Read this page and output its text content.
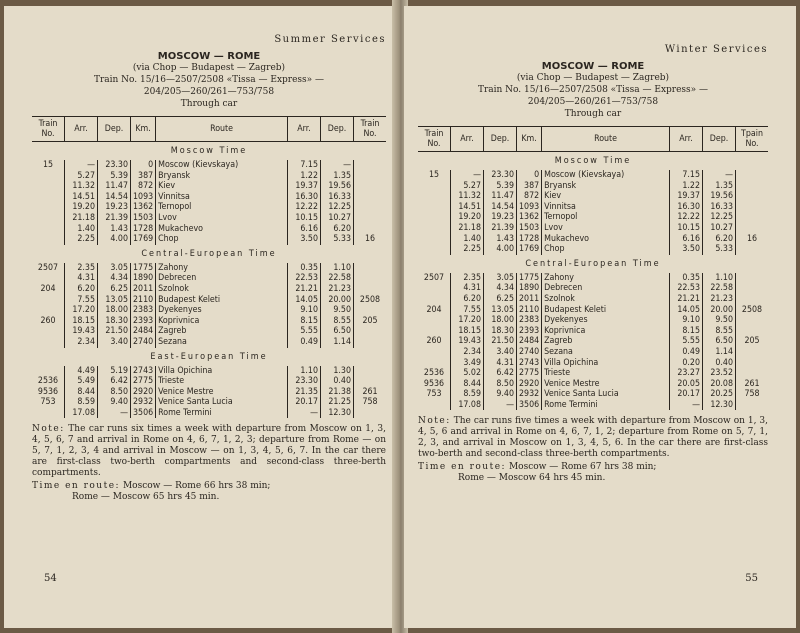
Summer Services
MOSCOW — ROME
(via Chop — Budapest — Zagreb)
Train No. 15/16—2507/2508 «Tissa — Express» —
204/205—260/261—753/758
Through car
Train No.	Arr.	Dep.	Km.	Route	Arr.	Dep.	Train No.
Moscow Time							
15	—	23.30	0	Moscow (Kievskaya)	7.15	—	
	5.27	5.39	387	Bryansk	1.22	1.35	
	11.32	11.47	872	Kiev	19.37	19.56	
	14.51	14.54	1093	Vinnitsa	16.30	16.33	
	19.20	19.23	1362	Ternopol	12.22	12.25	
	21.18	21.39	1503	Lvov	10.15	10.27	
	1.40	1.43	1728	Mukachevo	6.16	6.20	
	2.25	4.00	1769	Chop	3.50	5.33	16
Central-European Time							
2507	2.35	3.05	1775	Zahony	0.35	1.10	
	4.31	4.34	1890	Debrecen	22.53	22.58	
204	6.20	6.25	2011	Szolnok	21.21	21.23	
	7.55	13.05	2110	Budapest Keleti	14.05	20.00	2508
	17.20	18.00	2383	Dyekenyes	9.10	9.50	
260	18.15	18.30	2393	Koprivnica	8.15	8.55	205
	19.43	21.50	2484	Zagreb	5.55	6.50	
	2.34	3.40	2740	Sezana	0.49	1.14	
East-European Time							
	4.49	5.19	2743	Villa Opichina	1.10	1.30	
2536	5.49	6.42	2775	Trieste	23.30	0.40	
9536	8.44	8.50	2920	Venice Mestre	21.35	21.38	261
753	8.59	9.40	2932	Venice Santa Lucia	20.17	21.25	758
	17.08	—	3506	Rome Termini	—	12.30	
Note: The car runs six times a week with departure from Moscow on 1, 3, 4, 5, 6, 7 and arrival in Rome on 4, 6, 7, 1, 2, 3; departure from Rome — on 5, 7, 1, 2, 3, 4 and arrival in Moscow — on 1, 3, 4, 5, 6, 7. In the car there are first-class two-berth compartments and second-class three-berth compartments.
Time en route: Moscow — Rome 66 hrs 38 min;
Rome — Moscow 65 hrs 45 min.
54
Winter Services
MOSCOW — ROME
(via Chop — Budapest — Zagreb)
Train No. 15/16—2507/2508 «Tissa — Express» —
204/205—260/261—753/758
Through car
Train No.	Arr.	Dep.	Km.	Route	Arr.	Dep.	Tpain No.
Moscow Time							
15	—	23.30	0	Moscow (Kievskaya)	7.15	—	
	5.27	5.39	387	Bryansk	1.22	1.35	
	11.32	11.47	872	Kiev	19.37	19.56	
	14.51	14.54	1093	Vinnitsa	16.30	16.33	
	19.20	19.23	1362	Ternopol	12.22	12.25	
	21.18	21.39	1503	Lvov	10.15	10.27	
	1.40	1.43	1728	Mukachevo	6.16	6.20	16
	2.25	4.00	1769	Chop	3.50	5.33	
Central-European Time							
2507	2.35	3.05	1775	Zahony	0.35	1.10	
	4.31	4.34	1890	Debrecen	22.53	22.58	
	6.20	6.25	2011	Szolnok	21.21	21.23	
204	7.55	13.05	2110	Budapest Keleti	14.05	20.00	2508
	17.20	18.00	2383	Dyekenyes	9.10	9.50	
	18.15	18.30	2393	Koprivnica	8.15	8.55	
260	19.43	21.50	2484	Zagreb	5.55	6.50	205
	2.34	3.40	2740	Sezana	0.49	1.14	
	3.49	4.31	2743	Villa Opichina	0.20	0.40	
2536	5.02	6.42	2775	Trieste	23.27	23.52	
9536	8.44	8.50	2920	Venice Mestre	20.05	20.08	261
753	8.59	9.40	2932	Venice Santa Lucia	20.17	20.25	758
	17.08	—	3506	Rome Termini	—	12.30	
Note: The car runs five times a week with departure from Moscow on 1, 3, 4, 5, 6 and arrival in Rome on 4, 6, 7, 1, 2; departure from Rome on 5, 7, 1, 2, 3, and arrival in Moscow on 1, 3, 4, 5, 6. In the car there are first-class two-berth and second-class three-berth compartments.
Time en route: Moscow — Rome 67 hrs 38 min;
Rome — Moscow 64 hrs 45 min.
55
